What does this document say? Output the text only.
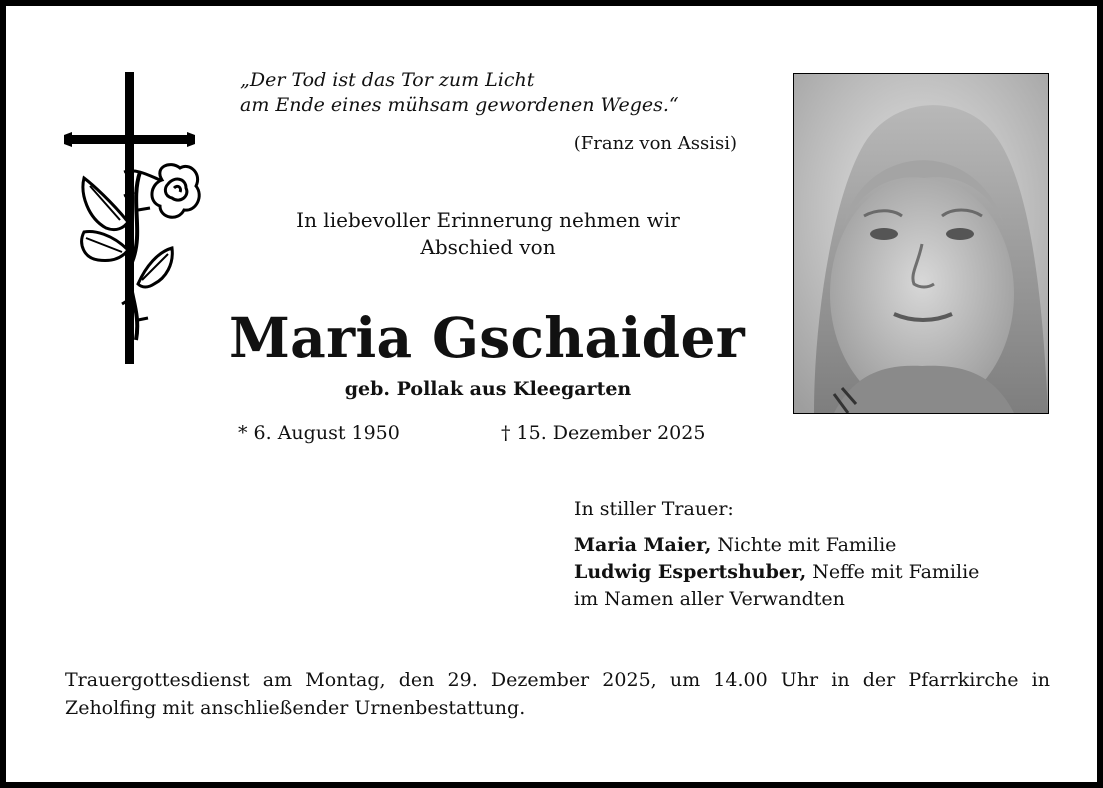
„Der Tod ist das Tor zum Licht
am Ende eines mühsam gewordenen Weges.“
(Franz von Assisi)
In liebevoller Erinnerung nehmen wir
Abschied von
Maria Gschaider
geb. Pollak aus Kleegarten
* 6. August 1950	† 15. Dezember 2025
In stiller Trauer:
Maria Maier, Nichte mit Familie
Ludwig Espertshuber, Neffe mit Familie
im Namen aller Verwandten
Trauergottesdienst am Montag, den 29. Dezember 2025, um 14.00 Uhr in der Pfarrkirche in Zeholfing mit anschließender Urnenbestattung.
